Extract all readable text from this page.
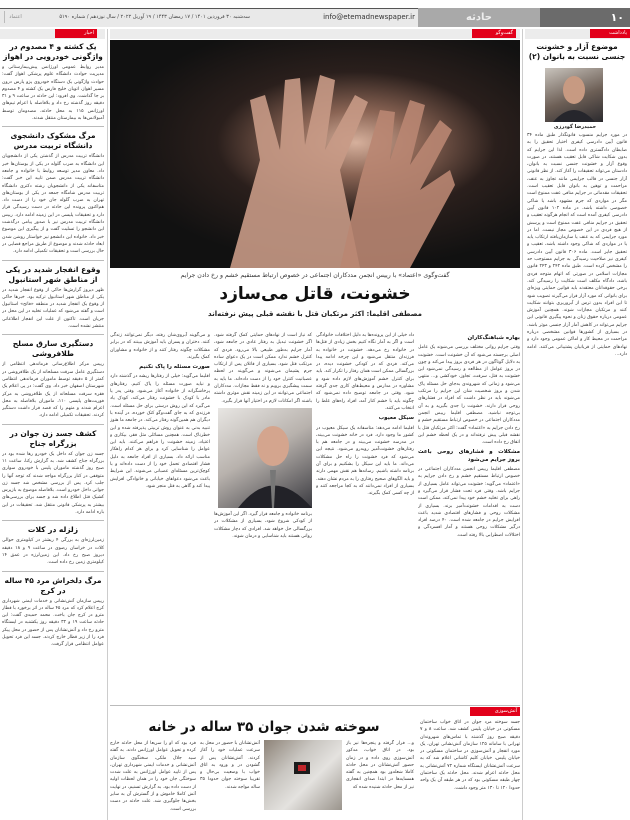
۱۰
حادثه
info@etemadnewspaper.ir
سه‌شنبه ۳۰ فروردین ۱۴۰۱ / ۱۷ رمضان ۱۴۴۳ / ۱۹ آوریل ۲۰۲۲ / سال نوزدهم / شماره ۵۱۹۰
اعتماد
یادداشت
گفت‌وگو
اخبار
موضوع آزار و خشونت جنسی نسبت به بانوان (۲)
حمیدرضا گودرزی
در مورد جرایم منسوب قانونگذار طبق ماده ۳۴ قانون آیین دادرسی کیفری اختیار تحقیق را به ضابطان دادگستری داده است. لذا این جرایم که بدون شکایت شاکی قابل تعقیب هستند، در صورت وقوع آزار و خشونت جنسی نسبت به بانوان، دادستان می‌تواند تحقیقات را آغاز کند. از نظر قانونی آزار جنسی در قالب جرایمی مانند تجاوز به عنف، مزاحمت و توهین به بانوان قابل تعقیب است. تحقیقات مقدماتی در جرایم منافی عفت ممنوع است مگر در مواردی که جرم مشهود باشد یا شاکی خصوصی داشته باشد. در ماده ۱۰۲ قانون آیین دادرسی کیفری آمده است که انجام هرگونه تعقیب و تحقیق در جرایم منافی عفت ممنوع است و پرسش از هیچ فردی در این خصوص مجاز نیست. اما در مورد جرایمی که به عنف یا سازمان‌یافته ارتکاب یابد یا در مواردی که شاکی وجود داشته باشد، تعقیب و تحقیق جایز است. ماده ۳۰۶ قانون آیین دادرسی کیفری نیز صلاحیت رسیدگی به جرایم مستوجب حد را مشخص کرده است. طبق ماده ۲۴۲ و ۲۴۳ قانون مجازات اسلامی در صورتی که اتهام متوجه فردی باشد، دادگاه مکلف است شکایت را رسیدگی کند. برخی حقوقدانان معتقدند باید قوانین حمایتی ویژه‌ای برای بانوانی که مورد آزار قرار می‌گیرند تصویب شود تا این افراد بدون ترس از آبروریزی بتوانند شکایت کنند و مرتکبان مجازات شوند. همچنین آموزش عمومی درباره حقوق زنان و نحوه پیگیری قانونی این جرایم می‌تواند در کاهش آمار آزار جنسی موثر باشد. در بسیاری از کشورها قوانین مشخصی درباره مزاحمت در محیط کار و اماکن عمومی وجود دارد و نهادهای حمایتی از قربانیان پشتیبانی می‌کنند. ادامه دارد...
گفت‌وگوی «اعتماد» با رییس انجمن مددکاران اجتماعی در خصوص ارتباط مستقیم خشم و رخ دادن جرایم
خشونت، قاتل می‌سازد
مصطفی اقلیما: اکثر مرتکبان قتل با نقشه قبلی پیش نرفته‌اند
بهاره شباهنگ‌کاران

وقتی جرایم روانی مختلف بررسی می‌شوند یک عامل اصلی برجسته می‌شود که آن خشونت است. خشونت به دلایل گوناگون در هر فردی بروز پیدا می‌کند و چون در بروز عوامل از مطالعه و رسیدگی نمی‌شود این خشونت به قتل، سرقت، تجاوز، خودکشی و... منتهی می‌شود و زمانی که شهروندی به‌جای حل مسئله پاک شدن و بروز شخصیت شان این جرایم را مرتکب می‌شوند باید در نظر داشت که افراد در فشارهای روحی قرار دارند. خشونت را جدی بگیرید و به آن بی‌توجه نباشید. مصطفی اقلیما رییس انجمن مددکاران اجتماعی در خصوص ارتباط مستقیم خشم و رخ دادن جرایم به «اعتماد» گفت: اکثر مرتکبان قتل با نقشه قبلی پیش نرفته‌اند و در یک لحظه خشم این اتفاق رخ داده است.

مشکلات و فشارهای روحی باعث بروز جرایم می‌شود

مصطفی اقلیما رییس انجمن مددکاران اجتماعی در خصوص ارتباط مستقیم خشم و رخ دادن جرایم به «اعتماد» می‌گوید: خشونت می‌تواند عامل بسیاری از جرایم باشد. وقتی فرد تحت فشار قرار می‌گیرد و راهی برای تخلیه خشم خود پیدا نمی‌کند، ممکن است دست به اقدامات خشونت‌آمیز بزند. بسیاری از مشکلات روحی و فشارهای اقتصادی شدید باعث افزایش جرایم در جامعه شده است. ۴۰ درصد افراد درگیر مشکلات روحی هستند و آمار افسردگی و اختلالات اضطرابی بالا رفته است.

داد خیلی از این پرونده‌ها به دلیل اختلافات خانوادگی است و اگر به آمار نگاه کنیم بخش زیادی از قتل‌ها در خانواده رخ می‌دهد. خشونت در خانواده به فرزندان منتقل می‌شود و این چرخه ادامه پیدا می‌کند. فردی که در کودکی خشونت دیده، در بزرگسالی ممکن است همان رفتار را تکرار کند. باید برای کنترل خشم آموزش‌های لازم داده شود و مشاوره در مدارس و محیط‌های کاری جدی گرفته شود. وقتی در جامعه توضیح داده نمی‌شود که چگونه باید با خشم کنار آمد، افراد راه‌های غلط را انتخاب می‌کنند.

سیکل معیوب

اقلیما ادامه می‌دهد: متاسفانه یک سیکل معیوب در کشور ما وجود دارد. فرد در خانه خشونت می‌بیند، در مدرسه خشونت می‌بیند و در جامعه هم با رفتارهای خشونت‌آمیز روبه‌رو می‌شود. نتیجه این می‌شود که فرد خشونت را راه حل مشکلات می‌داند. ما باید این سیکل را بشکنیم و برای آن برنامه داشته باشیم. رسانه‌ها هم نقش مهمی دارند و باید الگوهای صحیح رفتاری را به مردم نشان دهند. بسیاری از افراد نمی‌دانند که به کجا مراجعه کنند و از چه کسی کمک بگیرند.

که نیاز است از نهادهای حمایتی کمک گرفته شود. اگر خشونت تبدیل به رفتار عادی در جامعه شود، آمار جرایم به‌طور طبیعی بالا می‌رود. فردی که کنترل خشم ندارد ممکن است در یک دعوای ساده مرتکب قتل شود. بسیاری از قاتلان پس از ارتکاب جرم پشیمان می‌شوند و می‌گویند در لحظه عصبانیت کنترل خود را از دست داده‌اند. ما باید به سمت پیشگیری برویم و نه فقط مجازات. مددکاران اجتماعی می‌توانند در این زمینه نقش موثری داشته باشند اگر امکانات لازم در اختیار آنها قرار بگیرد.

برنامه خانواده و جامعه قرار گیرد. اگر این آموزش‌ها از کودکی شروع شود، بسیاری از مشکلات در بزرگسالی حل خواهد شد. افرادی که دچار مشکلات روانی هستند باید شناسایی و درمان شوند.

و می‌گویند آبروی‌شان رفته، دیگر نمی‌توانند زندگی کنند. دختران و پسران باید آموزش ببینند که در برابر مشکلات چگونه رفتار کنند و از خانواده و مشاوران کمک بگیرند.

صورت مسئله را پاک نکنیم

اقلیما می‌گوید: خیلی از رفتارها ریشه در گذشته دارد و نباید صورت مسئله را پاک کنیم. رفتارهای پرخاشگرانه از خانواده آغاز می‌شود. وقتی پدر یا مادر با کودک با خشونت رفتار می‌کند، کودک یاد می‌گیرد که این روش درستی برای حل مسئله است. فرزندی که به جای گفت‌وگو کتک خورده، در آینده با دیگران هم همین‌گونه رفتار می‌کند. در جامعه ما هنوز تنبیه بدنی به عنوان روش تربیتی پذیرفته شده و این خطرناک است. همچنین مسائلی مثل فقر، بیکاری و اعتیاد، زمینه خشونت را فراهم می‌کنند. باید این عوامل را شناسایی کرد و برای هر کدام راهکار مناسب ارائه داد. بسیاری از افراد جامعه به دلیل فشار اقتصادی تحمل خود را از دست داده‌اند و با کوچک‌ترین مسئله‌ای عصبانی می‌شوند. این شرایط باعث می‌شود دعواهای خیابانی و خانوادگی افزایش پیدا کند و گاهی به قتل منجر شود.

آتش‌سوزی
سوخته شدن جوان ۳۵ ساله در خانه	جسد سوخته مرد جوان در اتاق خواب ساختمان مسکونی در خیابان پلیس کشف شد. ساعت ۸ و ۷ دقیقه صبح روز گذشته با تماس‌های شهروندان تهرانی با سامانه ۱۲۵ سازمان آتش‌نشانی تهران، یک مورد انفجار و آتش‌سوزی در ساختمان مسکونی در خیابان پلیس، خیابان کلیم کاشانی اعلام شد که به سرعت آتش‌نشانان ایستگاه شماره ۷۲ آتش‌نشانی به محل حادثه اعزام شدند. محل حادثه یک ساختمان چهار طبقه مسکونی بود که در هر طبقه آن یک واحد حدودا ۱۲۰ تا ۱۳۰ متر وجود داشت.
و... فرار گرفته و پنجره‌ها نیز باز بود. در اتاق خواب، مدکور آتش‌سوزی روی داده و در زمان حضور آتش‌نشانان در محل حادثه کاملا شعله‌ور بود همچنین به گفته همسایه‌ها در ابتدا صدای انفجاری نیز از محل حادثه شنیده شده که
آتش‌نشانان با حضور در محل به سرعت عملیات خود را آغاز کردند. آتش‌نشانان پس از گشودن در و ورود به اتاق خواب با وضعیت بی‌حال و تقریبا سوخته جوان حدودا ۳۵ ساله مواجه شدند.
فرد بود که او را سریعا از محل حادثه خارج کرده و تحویل عوامل اورژانس دادند. به گفته سید جلال ملکی، سخنگوی سازمان آتش‌نشانی و خدمات ایمنی شهرداری تهران، پس از تایید عوامل اورژانس به علت شدت سوختگی جان خود را در همان لحظات اولیه از دست داده بود. به گزارش تسنیم، در نهایت آتش کاملا خاموش و از گسترش آن به سایر بخش‌ها جلوگیری شد. علت حادثه در دست بررسی است.
یک کشته و ۴ مصدوم در واژگونی خودرویی در اهواز
مدیر روابط عمومی اورژانس پیش‌بیمارستانی و مدیریت حوادث دانشگاه علوم پزشکی اهواز گفت: حوادث واژگونی یک دستگاه خودروی پژو پارس درون مسیر اهواز، اتوبان خلیج فارس یک کشته و ۴ مصدوم بر جا گذاشت. وی افزود: این حادثه در ساعت ۹ و ۳۱ دقیقه روز گذشته رخ داد و بلافاصله با اعزام تیم‌های اورژانس ۱۱۵ به محل حادثه، مصدومان توسط آمبولانس‌ها به بیمارستان منتقل شدند.
مرگ مشکوک دانشجوی دانشگاه تربیت مدرس
دانشگاه تربیت مدرس از گذشتن یکی از دانشجویان این دانشگاه به ضرب گلوله در یکی از بوستان‌ها خبر داد. معاون مدیر توسعه روابط با خانواده و جامعه دانشگاه تربیت مدرس ضمن تایید این خبر گفت: متاسفانه یکی از دانشجویان رشته دکتری دانشگاه تربیت مدرس شامگاه جمعه در یکی از بوستان‌های تهران به ضرب گلوله جان خود را از دست داد. هم‌اکنون پرونده این حادثه در دست رسیدگی قرار دارد و تحقیقات پلیسی در این زمینه ادامه دارد. رییس دانشگاه تربیت مدرس نیز با صدور پیامی درگذشت این دانشجو را تسلیت گفت و از پیگیری این موضوع خبر داد. خانواده این دانشجو نیز خواستار روشن شدن ابعاد حادثه شدند و موضوع از طریق مراجع قضایی در حال بررسی است و تحقیقات تکمیلی ادامه دارد.
وقوع انفجار شدید در یکی از مناطق شهر استانبول
ظهر دیروز گزارش‌ها حاکی از وقوع انفجار شدید در یکی از مناطق شهر استانبول ترکیه بود. خبرها حاکی از وقوع یک انفجار شدید در منطقه «فاتح» استانبول است و گفته می‌شود که عملیات تخلیه در این محل در جریان است. تاکنون از علت این انفجار اطلاعاتی منتشر نشده است.
دستگیری سارق مسلح طلافروشی
رییس مرکز اطلاع‌رسانی فرماندهی انتظامی از دستگیری عامل سرقت مسلحانه از یک طلافروشی در کمتر از ۵ دقیقه توسط ماموران فرماندهی انتظامی شهرستان اصفهان خبر داد. وی گفت: در پی اعلام یک فقره سرقت مسلحانه از یک طلافروشی به مرکز فوریت‌های پلیسی ۱۱۰، ماموران بلافاصله به محل اعزام شدند و متهم را که قصد فرار داشت دستگیر کردند. تحقیقات تکمیلی ادامه دارد.
کشف جسد زن جوان در بزرگراه جناح
جسد زن جوان که داخل یک خودرو رها شده بود در بزرگراه جناح کشف شد. به گزارش رکنا، ساعت ۱۱ صبح روز گذشته ماموران پلیس با خودروی سواری متوقفی در کنار بزرگراه مواجه شدند که توجه آنها را جلب کرد. پس از بررسی مشخص شد جسد زن جوانی داخل خودرو است. بلافاصله موضوع به بازپرس کشیک قتل اطلاع داده شد و جسد برای بررسی‌های بیشتر به پزشکی قانونی منتقل شد. تحقیقات در این باره ادامه دارد.
زلزله در کلات
زمین‌لرزه‌ای به بزرگی ۴ ریشتر در کیلومتری حوالی کلات در خراسان رضوی در ساعت ۹ و ۱۸ دقیقه دیروز صبح رخ داد. این زمین‌لرزه در عمق ۱۴ کیلومتری زمین رخ داده است.
مرگ دلخراش مرد ۴۵ ساله در کرج
رییس سازمان آتش‌نشانی و خدمات ایمنی شهرداری کرج اعلام کرد که مرد ۴۵ ساله در اثر برخورد با قطار مترو در کرج جان باخت. محمد حمیدی گفت: این حادثه ساعت ۱۹ و ۳۲ دقیقه روز یکشنبه در ایستگاه مترو رخ داد و آتش‌نشانان پس از حضور در محل پیکر فرد را از زیر قطار خارج کردند. جسد این فرد تحویل عوامل انتظامی قرار گرفت.
